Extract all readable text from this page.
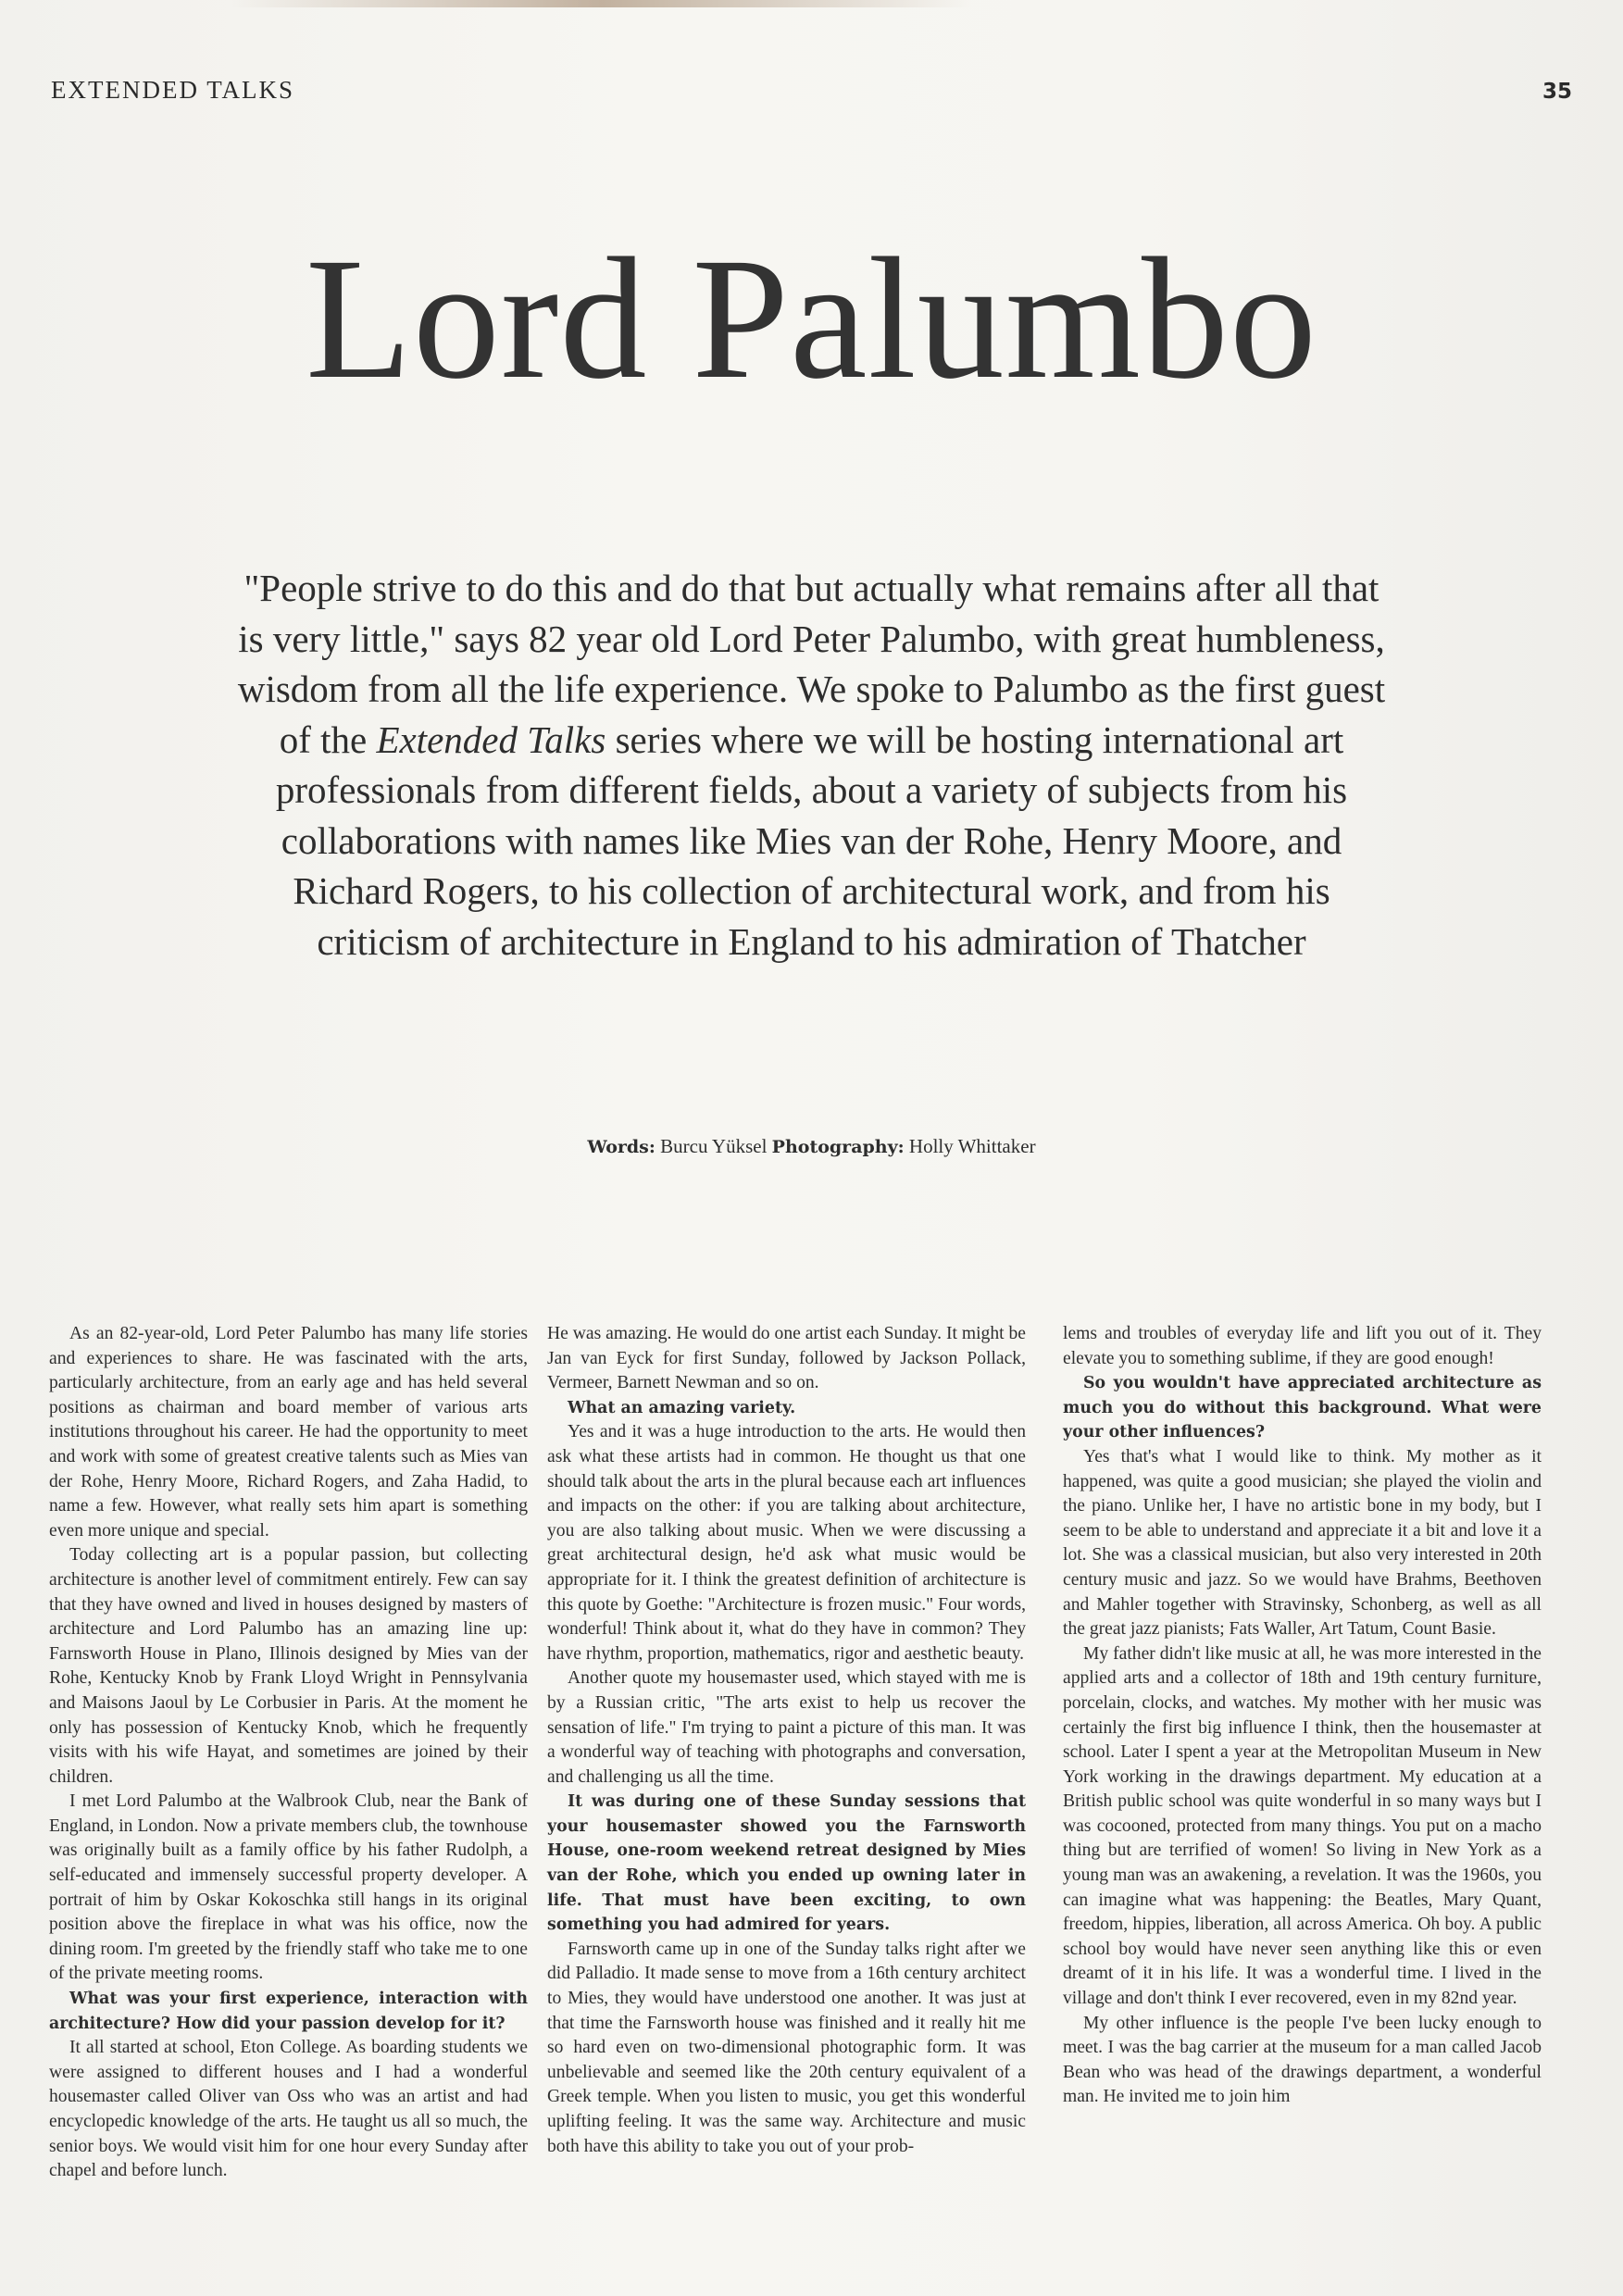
EXTENDED TALKS	35
Lord Palumbo
"People strive to do this and do that but actually what remains after all that is very little," says 82 year old Lord Peter Palumbo, with great humbleness, wisdom from all the life experience. We spoke to Palumbo as the first guest of the Extended Talks series where we will be hosting international art professionals from different fields, about a variety of subjects from his collaborations with names like Mies van der Rohe, Henry Moore, and Richard Rogers, to his collection of architectural work, and from his criticism of architecture in England to his admiration of Thatcher
Words: Burcu Yüksel Photography: Holly Whittaker

As an 82-year-old, Lord Peter Palumbo has many life stories and experiences to share. He was fascinated with the arts, particularly architecture, from an early age and has held several positions as chairman and board member of various arts institutions throughout his career. He had the opportunity to meet and work with some of greatest creative talents such as Mies van der Rohe, Henry Moore, Richard Rogers, and Zaha Hadid, to name a few. However, what really sets him apart is something even more unique and special.

Today collecting art is a popular passion, but collecting architecture is another level of commitment entirely. Few can say that they have owned and lived in houses designed by masters of architecture and Lord Palumbo has an amazing line up: Farnsworth House in Plano, Illinois designed by Mies van der Rohe, Kentucky Knob by Frank Lloyd Wright in Pennsylvania and Maisons Jaoul by Le Corbusier in Paris. At the moment he only has possession of Kentucky Knob, which he frequently visits with his wife Hayat, and sometimes are joined by their children.

I met Lord Palumbo at the Walbrook Club, near the Bank of England, in London. Now a private members club, the townhouse was originally built as a family office by his father Rudolph, a self-educated and immensely successful property developer. A portrait of him by Oskar Kokoschka still hangs in its original position above the fireplace in what was his office, now the dining room. I'm greeted by the friendly staff who take me to one of the private meeting rooms.

What was your first experience, interaction with architecture? How did your passion develop for it?

It all started at school, Eton College. As boarding students we were assigned to different houses and I had a wonderful housemaster called Oliver van Oss who was an artist and had encyclopedic knowledge of the arts. He taught us all so much, the senior boys. We would visit him for one hour every Sunday after chapel and before lunch.

He was amazing. He would do one artist each Sunday. It might be Jan van Eyck for first Sunday, followed by Jackson Pollack, Vermeer, Barnett Newman and so on.

What an amazing variety.

Yes and it was a huge introduction to the arts. He would then ask what these artists had in common. He thought us that one should talk about the arts in the plural because each art influences and impacts on the other: if you are talking about architecture, you are also talking about music. When we were discussing a great architectural design, he'd ask what music would be appropriate for it. I think the greatest definition of architecture is this quote by Goethe: "Architecture is frozen music." Four words, wonderful! Think about it, what do they have in common? They have rhythm, proportion, mathematics, rigor and aesthetic beauty.

Another quote my housemaster used, which stayed with me is by a Russian critic, "The arts exist to help us recover the sensation of life." I'm trying to paint a picture of this man. It was a wonderful way of teaching with photographs and conversation, and challenging us all the time.

It was during one of these Sunday sessions that your housemaster showed you the Farnsworth House, one-room weekend retreat designed by Mies van der Rohe, which you ended up owning later in life. That must have been exciting, to own something you had admired for years.

Farnsworth came up in one of the Sunday talks right after we did Palladio. It made sense to move from a 16th century architect to Mies, they would have understood one another. It was just at that time the Farnsworth house was finished and it really hit me so hard even on two-dimensional photographic form. It was unbelievable and seemed like the 20th century equivalent of a Greek temple. When you listen to music, you get this wonderful uplifting feeling. It was the same way. Architecture and music both have this ability to take you out of your prob-

lems and troubles of everyday life and lift you out of it. They elevate you to something sublime, if they are good enough!

So you wouldn't have appreciated architecture as much you do without this background. What were your other influences?

Yes that's what I would like to think. My mother as it happened, was quite a good musician; she played the violin and the piano. Unlike her, I have no artistic bone in my body, but I seem to be able to understand and appreciate it a bit and love it a lot. She was a classical musician, but also very interested in 20th century music and jazz. So we would have Brahms, Beethoven and Mahler together with Stravinsky, Schonberg, as well as all the great jazz pianists; Fats Waller, Art Tatum, Count Basie.

My father didn't like music at all, he was more interested in the applied arts and a collector of 18th and 19th century furniture, porcelain, clocks, and watches. My mother with her music was certainly the first big influence I think, then the housemaster at school. Later I spent a year at the Metropolitan Museum in New York working in the drawings department. My education at a British public school was quite wonderful in so many ways but I was cocooned, protected from many things. You put on a macho thing but are terrified of women! So living in New York as a young man was an awakening, a revelation. It was the 1960s, you can imagine what was happening: the Beatles, Mary Quant, freedom, hippies, liberation, all across America. Oh boy. A public school boy would have never seen anything like this or even dreamt of it in his life. It was a wonderful time. I lived in the village and don't think I ever recovered, even in my 82nd year.

My other influence is the people I've been lucky enough to meet. I was the bag carrier at the museum for a man called Jacob Bean who was head of the drawings department, a wonderful man. He invited me to join him
